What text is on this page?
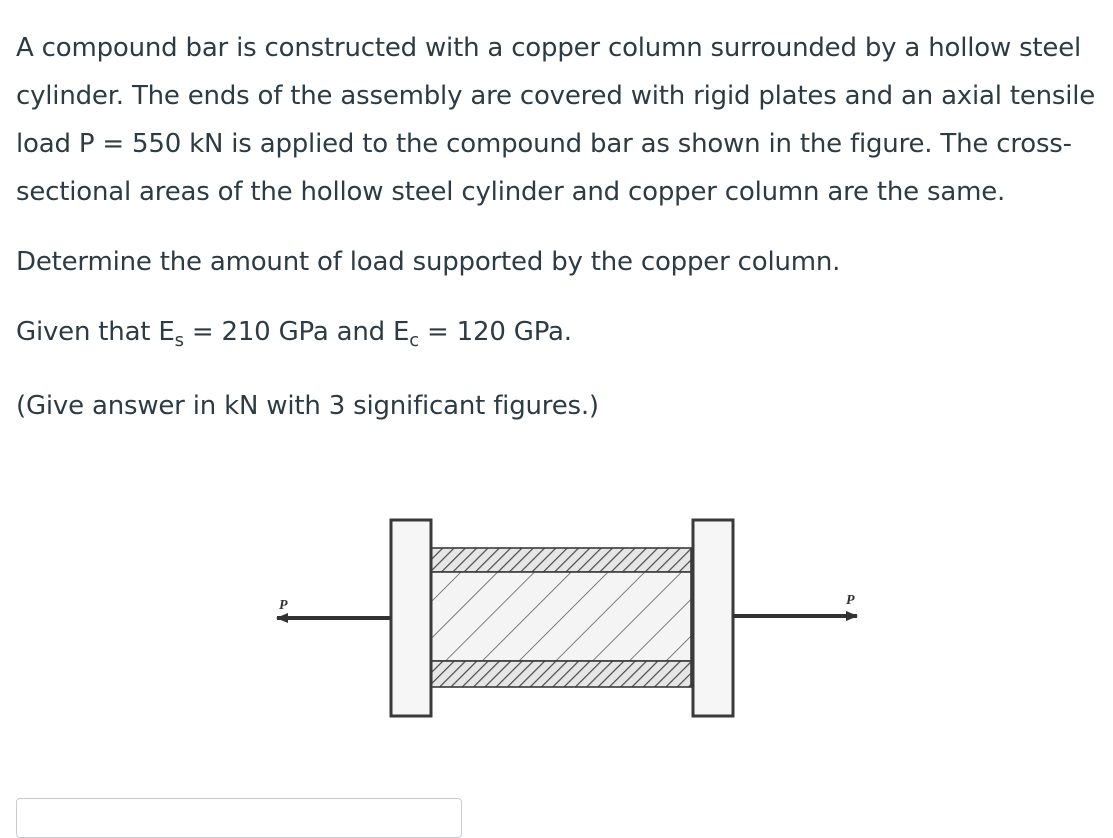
A compound bar is constructed with a copper column surrounded by a hollow steel cylinder. The ends of the assembly are covered with rigid plates and an axial tensile load P = 550 kN is applied to the compound bar as shown in the figure. The cross-sectional areas of the hollow steel cylinder and copper column are the same.

Determine the amount of load supported by the copper column.

Given that $E_s = 210$ GPa and $E_c = 120$ GPa.

(Give answer in kN with 3 significant figures.)

P	P
